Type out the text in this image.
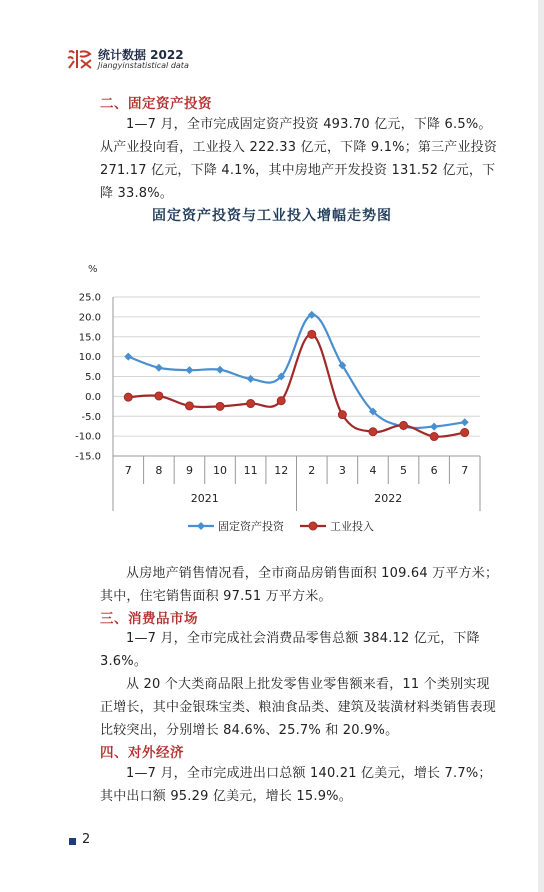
统计数据 2022
Jiangyinstatistical data
二、固定资产投资
1—7 月，全市完成固定资产投资 493.70 亿元，下降 6.5%。从产业投向看，工业投入 222.33 亿元，下降 9.1%；第三产业投资 271.17 亿元，下降 4.1%，其中房地产开发投资 131.52 亿元，下降 33.8%。
固定资产投资与工业投入增幅走势图
%
25.0
20.0
15.0
10.0
5.0
0.0
-5.0
-10.0
-15.0
7 8 9 10 11 12 2 3 4 5 6 7
2021	2022
固定资产投资	工业投入
从房地产销售情况看，全市商品房销售面积 109.64 万平方米；其中，住宅销售面积 97.51 万平方米。
三、消费品市场
1—7 月，全市完成社会消费品零售总额 384.12 亿元，下降 3.6%。
从 20 个大类商品限上批发零售业零售额来看，11 个类别实现正增长，其中金银珠宝类、粮油食品类、建筑及装潢材料类销售表现比较突出，分别增长 84.6%、25.7% 和 20.9%。
四、对外经济
1—7 月，全市完成进出口总额 140.21 亿美元，增长 7.7%；其中出口额 95.29 亿美元，增长 15.9%。
2
